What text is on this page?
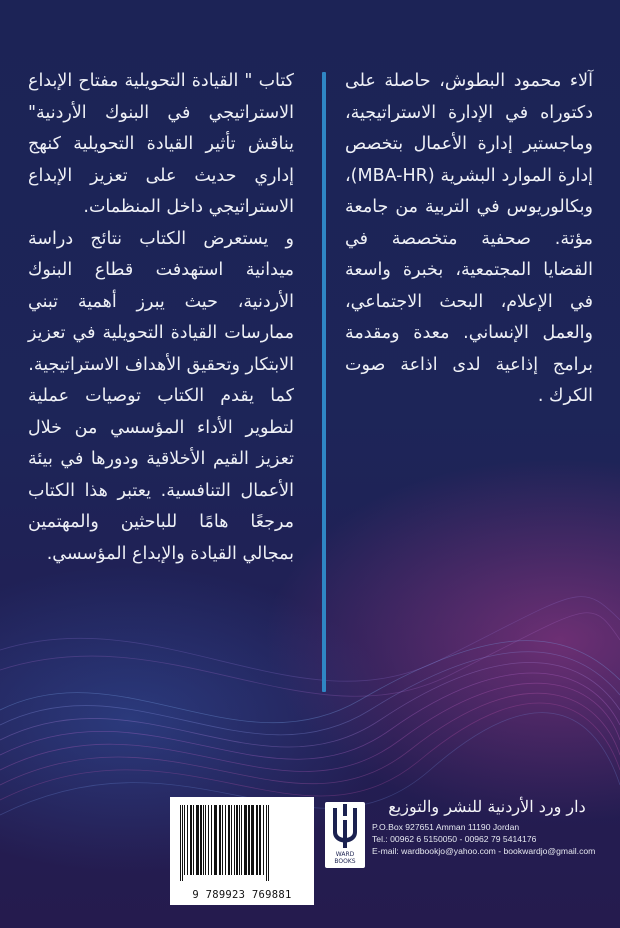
آلاء محمود البطوش، حاصلة على دكتوراه في الإدارة الاستراتيجية، وماجستير إدارة الأعمال بتخصص إدارة الموارد البشرية (MBA-HR)، وبكالوريوس في التربية من جامعة مؤتة. صحفية متخصصة في القضايا المجتمعية، بخبرة واسعة في الإعلام، البحث الاجتماعي، والعمل الإنساني. معدة ومقدمة برامج إذاعية لدى اذاعة صوت الكرك .

كتاب " القيادة التحويلية مفتاح الإبداع الاستراتيجي في البنوك الأردنية" يناقش تأثير القيادة التحويلية كنهج إداري حديث على تعزيز الإبداع الاستراتيجي داخل المنظمات.

و يستعرض الكتاب نتائج دراسة ميدانية استهدفت قطاع البنوك الأردنية، حيث يبرز أهمية تبني ممارسات القيادة التحويلية في تعزيز الابتكار وتحقيق الأهداف الاستراتيجية.

كما يقدم الكتاب توصيات عملية لتطوير الأداء المؤسسي من خلال تعزيز القيم الأخلاقية ودورها في بيئة الأعمال التنافسية. يعتبر هذا الكتاب مرجعًا هامًا للباحثين والمهتمين بمجالي القيادة والإبداع المؤسسي.

9 789923 769881
WARD BOOKS
دار ورد الأردنية للنشر والتوزيع
P.O.Box 927651 Amman 11190 Jordan
Tel.: 00962 6 5150050 - 00962 79 5414176
E-mail: wardbookjo@yahoo.com - bookwardjo@gmail.com
